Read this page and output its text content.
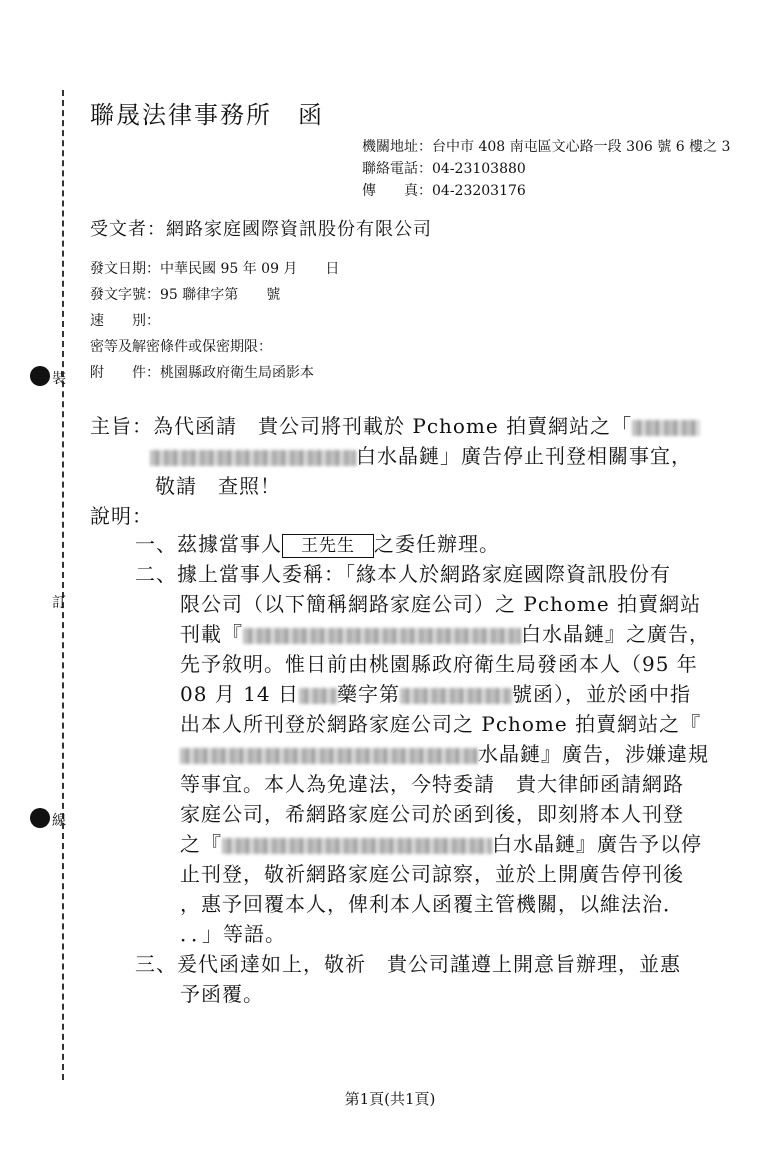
裝
訂
線
聯晟法律事務所　函
機關地址：台中市 408 南屯區文心路一段 306 號 6 樓之 3
聯絡電話：04-23103880
傳　　真：04-23203176
受文者：網路家庭國際資訊股份有限公司
發文日期：中華民國 95 年 09 月　　日
發文字號：95 聯律字第　　號
速　　別：
密等及解密條件或保密期限：
附　　件：桃園縣政府衛生局函影本
主旨：為代函請　貴公司將刊載於 Pchome 拍賣網站之「
白水晶鏈」廣告停止刊登相關事宜，
敬請　查照！
說明：
一、茲據當事人 王先生 之委任辦理。
二、據上當事人委稱：「緣本人於網路家庭國際資訊股份有
限公司（以下簡稱網路家庭公司）之 Pchome 拍賣網站
刊載『	白水晶鏈』之廣告，
先予敘明。惟日前由桃園縣政府衛生局發函本人（95 年
08 月 14 日 藥字第	號函），並於函中指
出本人所刊登於網路家庭公司之 Pchome 拍賣網站之『
水晶鏈』廣告，涉嫌違規
等事宜。本人為免違法，今特委請　貴大律師函請網路
家庭公司，希網路家庭公司於函到後，即刻將本人刊登
之『	白水晶鏈』廣告予以停
止刊登，敬祈網路家庭公司諒察，並於上開廣告停刊後
，惠予回覆本人，俾利本人函覆主管機關，以維法治．
．．」等語。
三、爰代函達如上，敬祈　貴公司謹遵上開意旨辦理，並惠
予函覆。
第1頁(共1頁)
